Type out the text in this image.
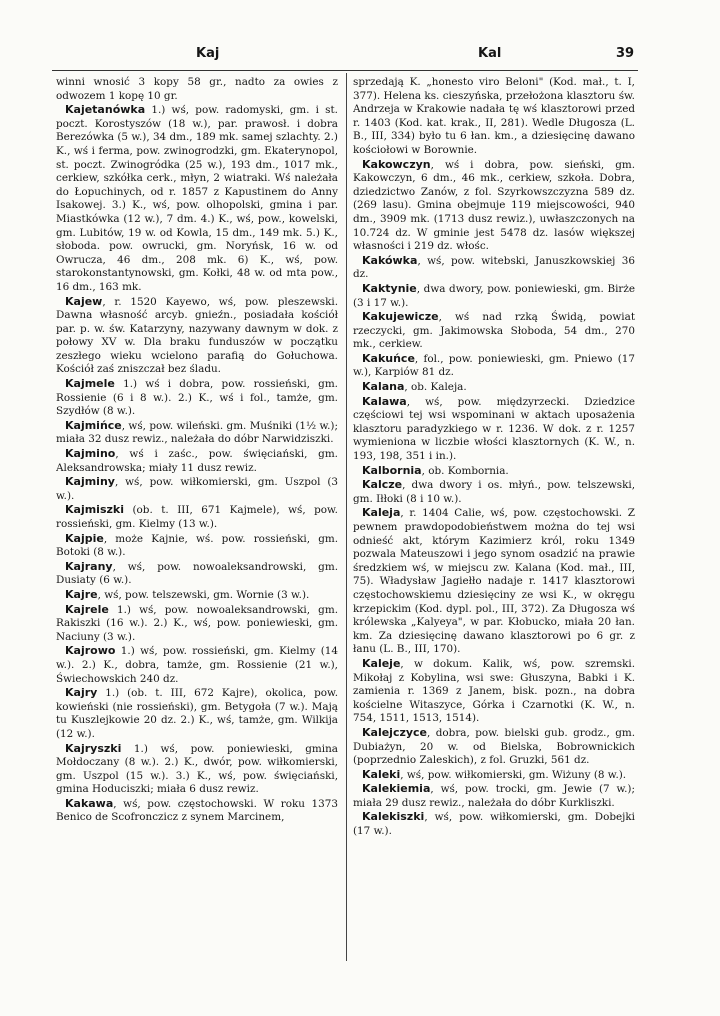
Kaj	Kal	39

winni wnosić 3 kopy 58 gr., nadto za owies z odwozem 1 kopę 10 gr.

Kajetanówka 1.) wś, pow. radomyski, gm. i st. poczt. Korostyszów (18 w.), par. prawosł. i dobra Berezówka (5 w.), 34 dm., 189 mk. samej szlachty. 2.) K., wś i ferma, pow. zwinogrodzki, gm. Ekaterynopol, st. poczt. Zwinogródka (25 w.), 193 dm., 1017 mk., cerkiew, szkółka cerk., młyn, 2 wiatraki. Wś należała do Łopuchinych, od r. 1857 z Kapustinem do Anny Isakowej. 3.) K., wś, pow. olhopolski, gmina i par. Miastkówka (12 w.), 7 dm. 4.) K., wś, pow., kowelski, gm. Lubitów, 19 w. od Kowla, 15 dm., 149 mk. 5.) K., słoboda. pow. owrucki, gm. Noryńsk, 16 w. od Owrucza, 46 dm., 208 mk. 6) K., wś, pow. starokonstantynowski, gm. Kołki, 48 w. od mta pow., 16 dm., 163 mk.

Kajew, r. 1520 Kayewo, wś, pow. pleszewski. Dawna własność arcyb. gnieźn., posiadała kościół par. p. w. św. Katarzyny, nazywany dawnym w dok. z połowy XV w. Dla braku funduszów w początku zeszłego wieku wcielono parafią do Gołuchowa. Kościół zaś zniszczał bez śladu.

Kajmele 1.) wś i dobra, pow. rossieński, gm. Rossienie (6 i 8 w.). 2.) K., wś i fol., tamże, gm. Szydłów (8 w.).

Kajmińce, wś, pow. wileński. gm. Muśniki (1½ w.); miała 32 dusz rewiz., należała do dóbr Narwidziszki.

Kajmino, wś i zaśc., pow. święciański, gm. Aleksandrowska; miały 11 dusz rewiz.

Kajminy, wś, pow. wiłkomierski, gm. Uszpol (3 w.).

Kajmiszki (ob. t. III, 671 Kajmele), wś, pow. rossieński, gm. Kielmy (13 w.).

Kajpie, może Kajnie, wś. pow. rossieński, gm. Botoki (8 w.).

Kajrany, wś, pow. nowoaleksandrowski, gm. Dusiaty (6 w.).

Kajre, wś, pow. telszewski, gm. Wornie (3 w.).

Kajrele 1.) wś, pow. nowoaleksandrowski, gm. Rakiszki (16 w.). 2.) K., wś, pow. poniewieski, gm. Naciuny (3 w.).

Kajrowo 1.) wś, pow. rossieński, gm. Kielmy (14 w.). 2.) K., dobra, tamże, gm. Rossienie (21 w.), Świechowskich 240 dz.

Kajry 1.) (ob. t. III, 672 Kajre), okolica, pow. kowieński (nie rossieński), gm. Betygoła (7 w.). Mają tu Kuszlejkowie 20 dz. 2.) K., wś, tamże, gm. Wilkija (12 w.).

Kajryszki 1.) wś, pow. poniewieski, gmina Mołdoczany (8 w.). 2.) K., dwór, pow. wiłkomierski, gm. Uszpol (15 w.). 3.) K., wś, pow. święciański, gmina Hoduciszki; miała 6 dusz rewiz.

Kakawa, wś, pow. częstochowski. W roku 1373 Benico de Scofronczicz z synem Marcinem,

sprzedają K. „honesto viro Beloni" (Kod. mał., t. I, 377). Helena ks. cieszyńska, przełożona klasztoru św. Andrzeja w Krakowie nadała tę wś klasztorowi przed r. 1403 (Kod. kat. krak., II, 281). Wedle Długosza (L. B., III, 334) było tu 6 łan. km., a dziesięcinę dawano kościołowi w Borownie.

Kakowczyn, wś i dobra, pow. sieński, gm. Kakowczyn, 6 dm., 46 mk., cerkiew, szkoła. Dobra, dziedzictwo Zanów, z fol. Szyrkowszczyzna 589 dz. (269 lasu). Gmina obejmuje 119 miejscowości, 940 dm., 3909 mk. (1713 dusz rewiz.), uwłaszczonych na 10.724 dz. W gminie jest 5478 dz. lasów większej własności i 219 dz. włośc.

Kakówka, wś, pow. witebski, Januszkowskiej 36 dz.

Kaktynie, dwa dwory, pow. poniewieski, gm. Birże (3 i 17 w.).

Kakujewicze, wś nad rzką Świdą, powiat rzeczycki, gm. Jakimowska Słoboda, 54 dm., 270 mk., cerkiew.

Kakuńce, fol., pow. poniewieski, gm. Pniewo (17 w.), Karpiów 81 dz.

Kalana, ob. Kaleja.

Kalawa, wś, pow. międzyrzecki. Dziedzice częściowi tej wsi wspominani w aktach uposażenia klasztoru paradyzkiego w r. 1236. W dok. z r. 1257 wymieniona w liczbie włości klasztornych (K. W., n. 193, 198, 351 i in.).

Kalbornia, ob. Kombornia.

Kalcze, dwa dwory i os. młyń., pow. telszewski, gm. Iłłoki (8 i 10 w.).

Kaleja, r. 1404 Calie, wś, pow. częstochowski. Z pewnem prawdopodobieństwem można do tej wsi odnieść akt, którym Kazimierz król, roku 1349 pozwala Mateuszowi i jego synom osadzić na prawie średzkiem wś, w miejscu zw. Kalana (Kod. mał., III, 75). Władysław Jagiełło nadaje r. 1417 klasztorowi częstochowskiemu dziesięciny ze wsi K., w okręgu krzepickim (Kod. dypl. pol., III, 372). Za Długosza wś królewska „Kalyeya", w par. Kłobucko, miała 20 łan. km. Za dziesięcinę dawano klasztorowi po 6 gr. z łanu (L. B., III, 170).

Kaleje, w dokum. Kalik, wś, pow. szremski. Mikołaj z Kobylina, wsi swe: Głuszyna, Babki i K. zamienia r. 1369 z Janem, bisk. pozn., na dobra kościelne Witaszyce, Górka i Czarnotki (K. W., n. 754, 1511, 1513, 1514).

Kalejczyce, dobra, pow. bielski gub. grodz., gm. Dubiażyn, 20 w. od Bielska, Bobrownickich (poprzednio Zaleskich), z fol. Gruzki, 561 dz.

Kaleki, wś, pow. wiłkomierski, gm. Wiżuny (8 w.).

Kalekiemia, wś, pow. trocki, gm. Jewie (7 w.); miała 29 dusz rewiz., należała do dóbr Kurkliszki.

Kalekiszki, wś, pow. wiłkomierski, gm. Dobejki (17 w.).
